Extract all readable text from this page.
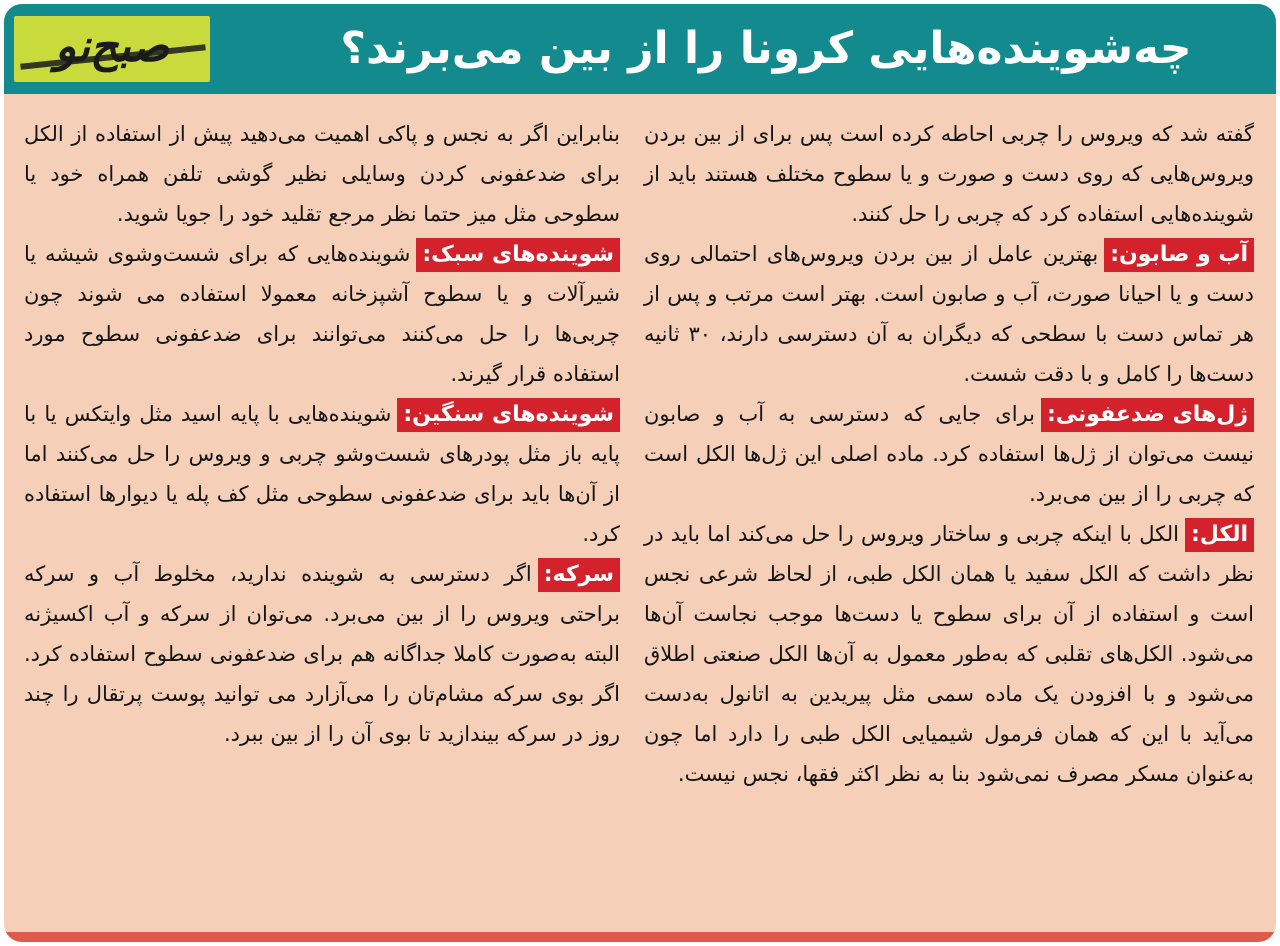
چه‌شوینده‌هایی کرونا را از بین می‌برند؟
صبح‌نو

گفته شد که ویروس را چربی احاطه کرده است پس برای از بین بردن ویروس‌هایی که روی دست و صورت و یا سطوح مختلف هستند باید از شوینده‌هایی استفاده کرد که چربی را حل کنند.

آب و صابون:بهترین عامل از بین بردن ویروس‌های احتمالی روی دست و یا احیانا صورت، آب و صابون است. بهتر است مرتب و پس از هر تماس دست با سطحی که دیگران به آن دسترسی دارند، ۳۰ ثانیه دست‌ها را کامل و با دقت شست.

ژل‌های ضدعفونی:برای جایی که دسترسی به آب و صابون نیست می‌توان از ژل‌ها استفاده کرد. ماده اصلی این ژل‌ها الکل است که چربی را از بین می‌برد.

الکل:الکل با اینکه چربی و ساختار ویروس را حل می‌کند اما باید در نظر داشت که الکل سفید یا همان الکل طبی، از لحاظ شرعی نجس است و استفاده از آن برای سطوح یا دست‌ها موجب نجاست آن‌ها می‌شود. الکل‌های تقلبی که به‌طور معمول به آن‌ها الکل صنعتی اطلاق می‌شود و با افزودن یک ماده سمی مثل پیریدین به اتانول به‌دست می‌آید با این که همان فرمول شیمیایی الکل طبی را دارد اما چون به‌عنوان مسکر مصرف نمی‌شود بنا به نظر اکثر فقها، نجس نیست.

بنابراین اگر به نجس و پاکی اهمیت می‌دهید پیش از استفاده از الکل برای ضدعفونی کردن وسایلی نظیر گوشی تلفن همراه خود یا سطوحی مثل میز حتما نظر مرجع تقلید خود را جویا شوید.

شوینده‌های سبک:شوینده‌هایی که برای شست‌وشوی شیشه یا شیرآلات و یا سطوح آشپزخانه معمولا استفاده می شوند چون چربی‌ها را حل می‌کنند می‌توانند برای ضدعفونی سطوح مورد استفاده قرار گیرند.

شوینده‌های سنگین:شوینده‌هایی با پایه اسید مثل وایتکس یا با پایه باز مثل پودرهای شست‌وشو چربی و ویروس را حل می‌کنند اما از آن‌ها باید برای ضدعفونی سطوحی مثل کف پله یا دیوارها استفاده کرد.

سرکه:اگر دسترسی به شوینده ندارید، مخلوط آب و سرکه براحتی ویروس را از بین می‌برد. می‌توان از سرکه و آب اکسیژنه البته به‌صورت کاملا جداگانه هم برای ضدعفونی سطوح استفاده کرد. اگر بوی سرکه مشام‌تان را می‌آزارد می توانید پوست پرتقال را چند روز در سرکه بیندازید تا بوی آن را از بین ببرد.
